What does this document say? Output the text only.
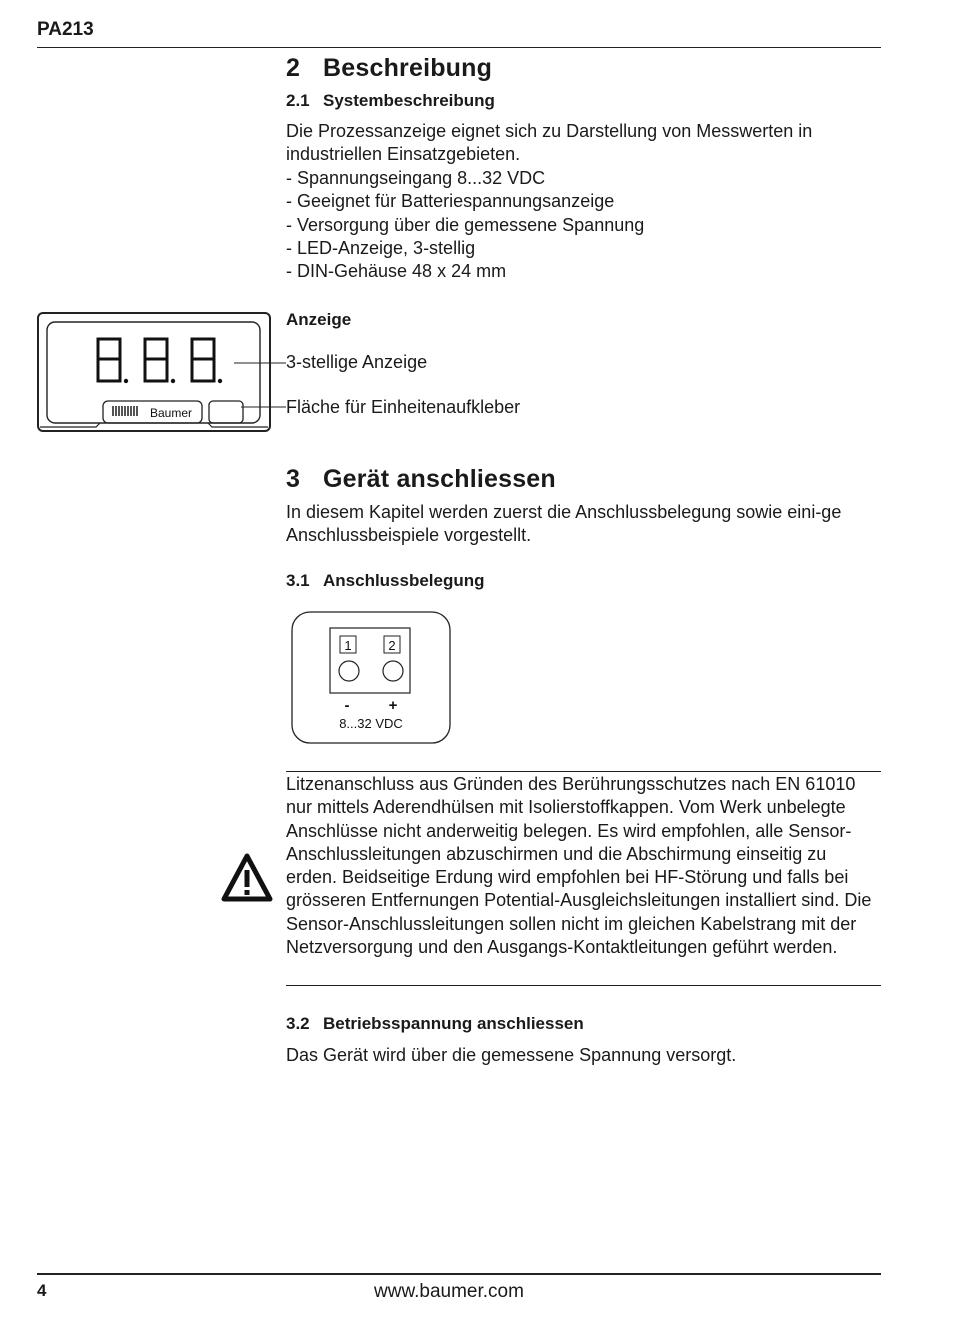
PA213
2 Beschreibung
2.1 Systembeschreibung

Die Prozessanzeige eignet sich zu Darstellung von Messwerten in industriellen Einsatzgebieten.

- Spannungseingang 8...32 VDC
- Geeignet für Batteriespannungsanzeige
- Versorgung über die gemessene Spannung
- LED-Anzeige, 3-stellig
- DIN-Gehäuse 48 x 24 mm
Baumer
Anzeige
3-stellige Anzeige
Fläche für Einheitenaufkleber
3 Gerät anschliessen

In diesem Kapitel werden zuerst die Anschlussbelegung sowie eini-ge Anschlussbeispiele vorgestellt.

3.1 Anschlussbelegung
1	2
-	+
8...32 VDC

Litzenanschluss aus Gründen des Berührungsschutzes nach EN 61010 nur mittels Aderendhülsen mit Isolierstoffkappen. Vom Werk unbelegte Anschlüsse nicht anderweitig belegen. Es wird empfohlen, alle Sensor-Anschlussleitungen abzuschirmen und die Abschirmung einseitig zu erden. Beidseitige Erdung wird empfohlen bei HF-Störung und falls bei grösseren Entfernungen Potential-Ausgleichsleitungen installiert sind. Die Sensor-Anschlussleitungen sollen nicht im gleichen Kabelstrang mit der Netzversorgung und den Ausgangs-Kontaktleitungen geführt werden.

3.2 Betriebsspannung anschliessen

Das Gerät wird über die gemessene Spannung versorgt.

4	www.baumer.com
